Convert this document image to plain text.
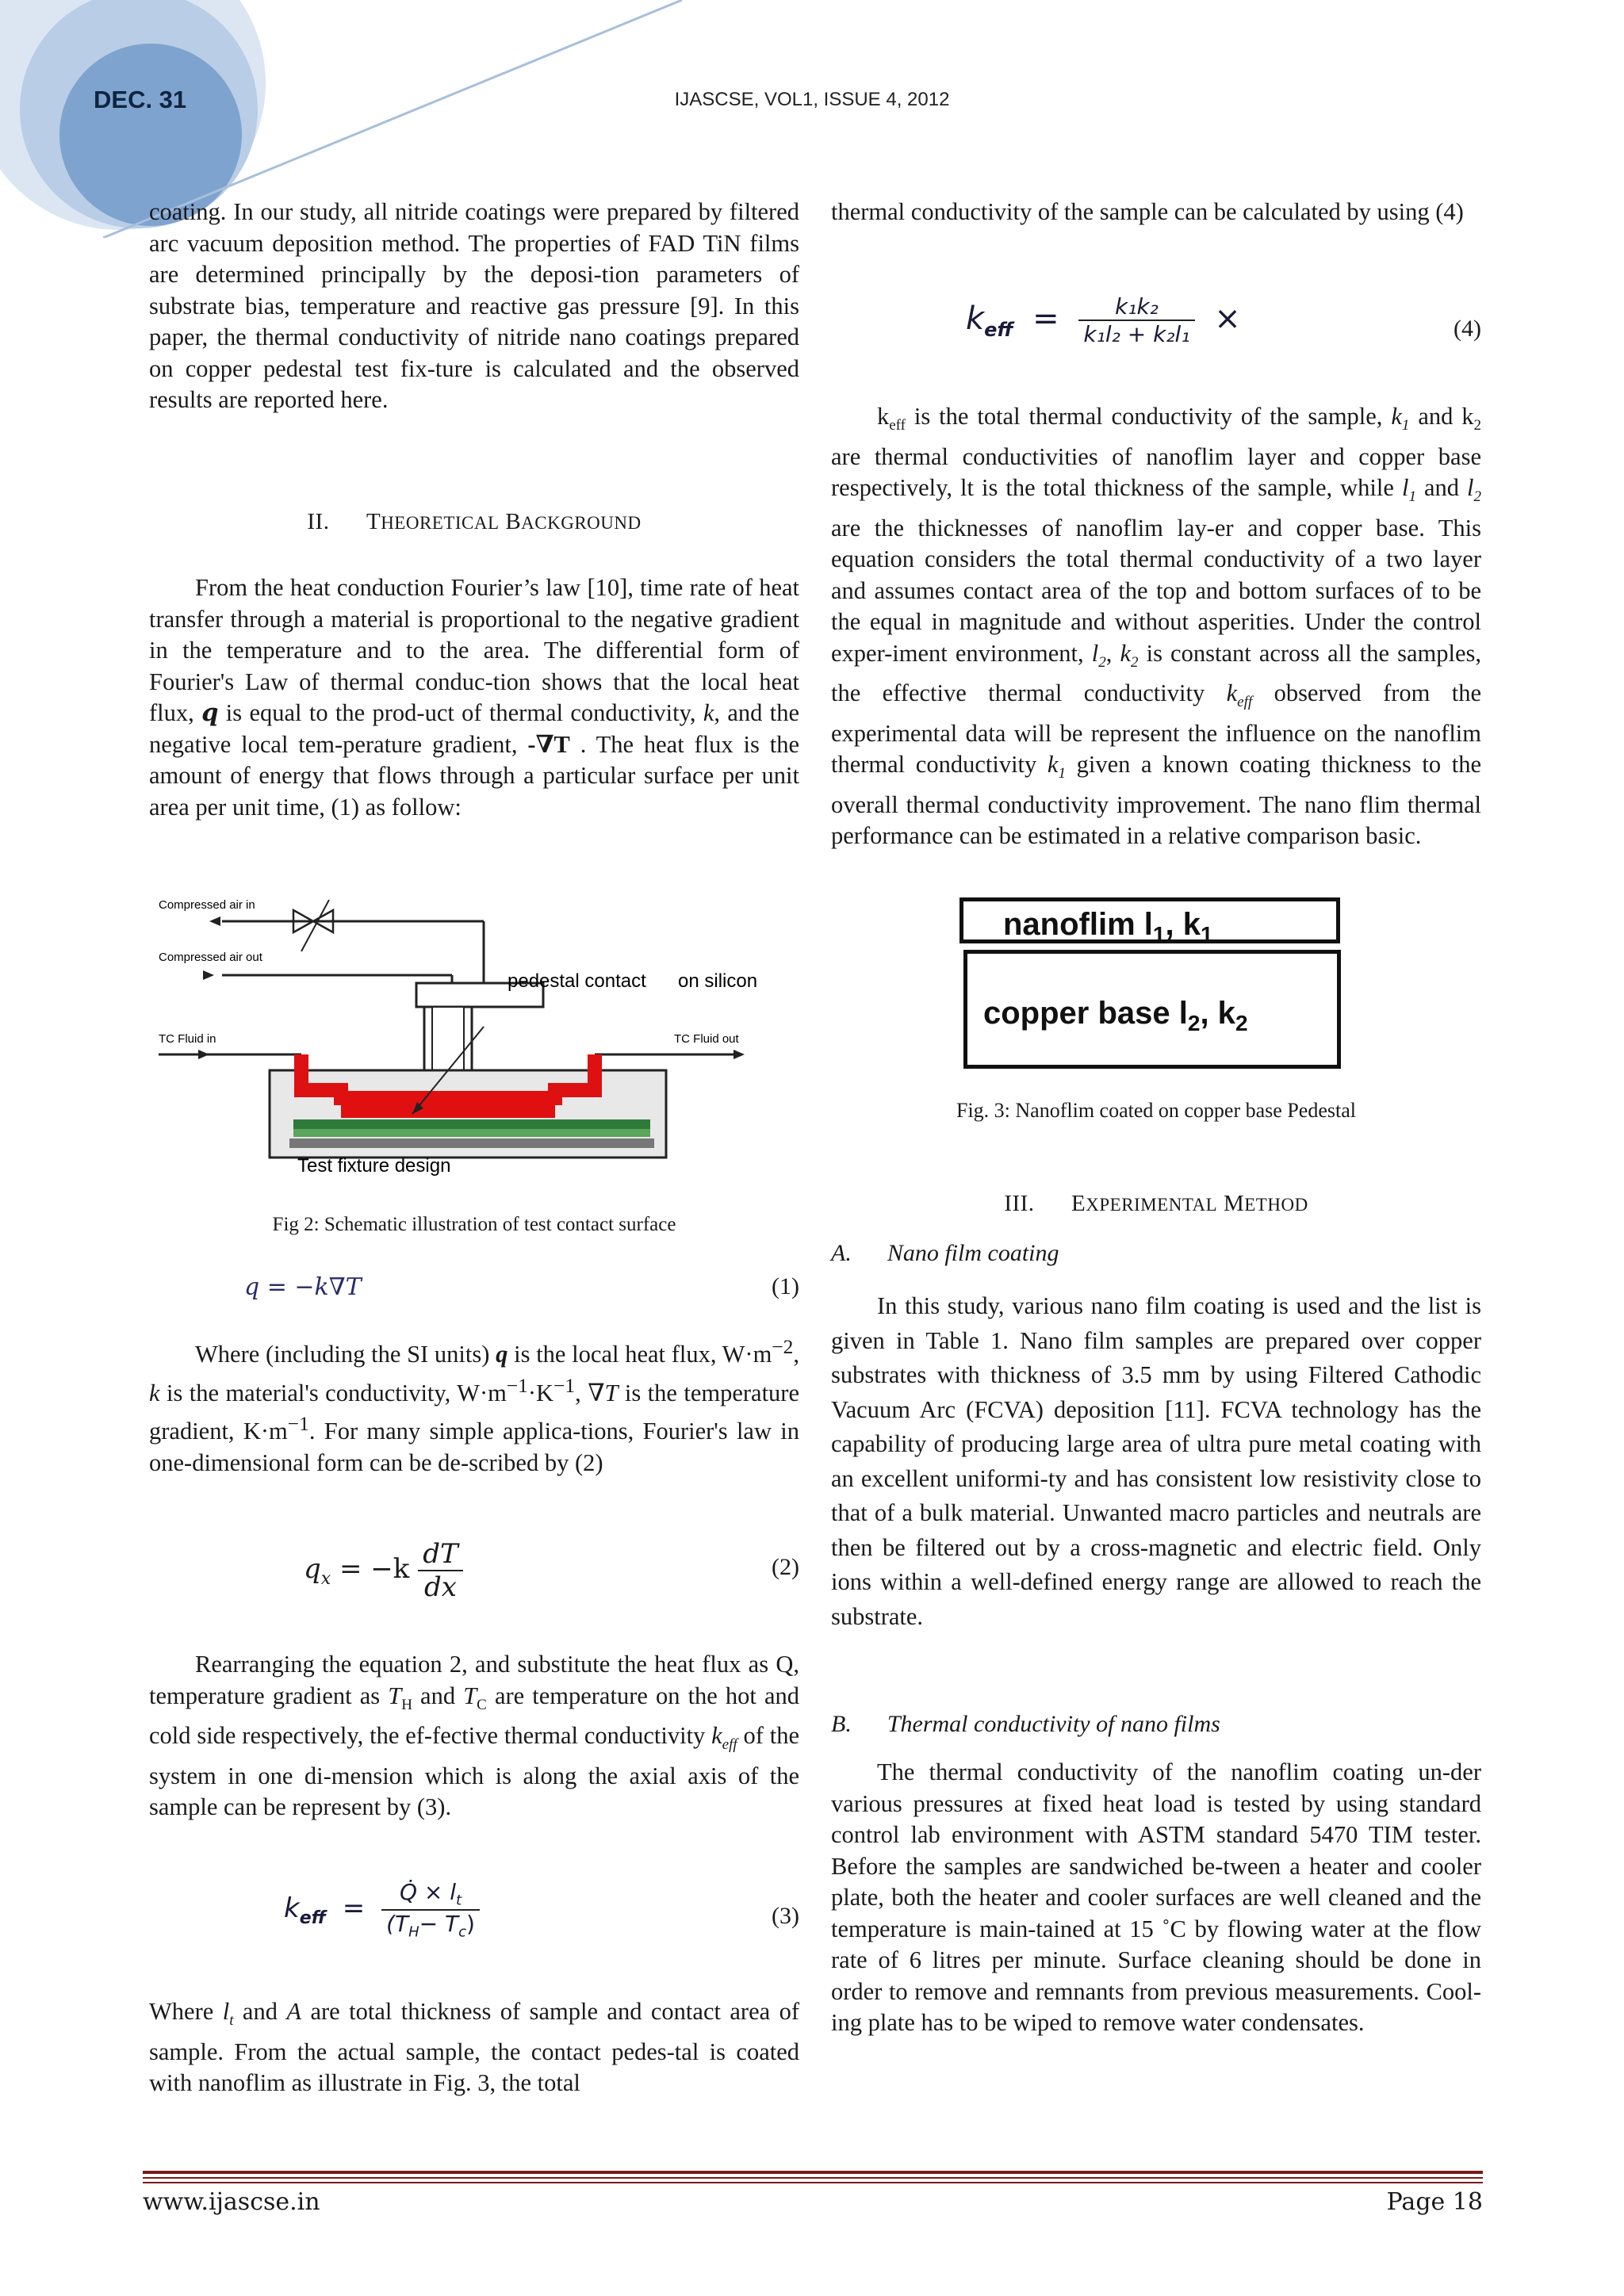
DEC. 31	IJASCSE, VOL1, ISSUE 4, 2012

coating. In our study, all nitride coatings were prepared by filtered arc vacuum deposition method. The properties of FAD TiN films are determined principally by the deposi-tion parameters of substrate bias, temperature and reactive gas pressure [9]. In this paper, the thermal conductivity of nitride nano coatings prepared on copper pedestal test fix-ture is calculated and the observed results are reported here.

II. THEORETICAL BACKGROUND

From the heat conduction Fourier’s law [10], time rate of heat transfer through a material is proportional to the negative gradient in the temperature and to the area. The differential form of Fourier's Law of thermal conduc-tion shows that the local heat flux, q is equal to the prod-uct of thermal conductivity, k, and the negative local tem-perature gradient, -∇T . The heat flux is the amount of energy that flows through a particular surface per unit area per unit time, (1) as follow:

Compressed air in
Compressed air out
TC Fluid in	TC Fluid out
pedestal contact on silicon
Test fixture design
Fig 2: Schematic illustration of test contact surface
q = −k∇T	(1)

Where (including the SI units) q is the local heat flux, $W\cdot m^{-2}$, k is the material's conductivity, $W\cdot m^{-1}\cdot K^{-1}$, ∇T is the temperature gradient, $K\cdot m^{-1}$. For many simple applica-tions, Fourier's law in one-dimensional form can be de-scribed by (2)

$q_x = -k \frac{dT}{dx}$	(2)

Rearranging the equation 2, and substitute the heat flux as Q, temperature gradient as $T_H$ and $T_C$ are temperature on the hot and cold side respectively, the ef-fective thermal conductivity $k_{eff}$ of the system in one di-mension which is along the axial axis of the sample can be represent by (3).

$k_{eff} = \frac{Q̇ \times l_t}{(T_H- T_c)}$	(3)

Where $l_t$ and A are total thickness of sample and contact area of sample. From the actual sample, the contact pedes-tal is coated with nanoflim as illustrate in Fig. 3, the total

thermal conductivity of the sample can be calculated by using (4)

$k_{eff} = \frac{\text{k₁k₂}}{\text{k₁l₂ + k₂l₁}}$ ×	(4)

$k_{eff}$ is the total thermal conductivity of the sample, $k_1$ and $k_2$ are thermal conductivities of nanoflim layer and copper base respectively, lt is the total thickness of the sample, while $l_1$ and $l_2$ are the thicknesses of nanoflim lay-er and copper base. This equation considers the total thermal conductivity of a two layer and assumes contact area of the top and bottom surfaces of to be the equal in magnitude and without asperities. Under the control exper-iment environment, $l_2$, $k_2$ is constant across all the samples, the effective thermal conductivity $k_{eff}$ observed from the experimental data will be represent the influence on the nanoflim thermal conductivity $k_1$ given a known coating thickness to the overall thermal conductivity improvement. The nano flim thermal performance can be estimated in a relative comparison basic.

nanoflim $l_1$, $k_1$
copper base $l_2$, $k_2$
Fig. 3: Nanoflim coated on copper base Pedestal
III. EXPERIMENTAL METHOD
A. Nano film coating

In this study, various nano film coating is used and the list is given in Table 1. Nano film samples are prepared over copper substrates with thickness of 3.5 mm by using Filtered Cathodic Vacuum Arc (FCVA) deposition [11]. FCVA technology has the capability of producing large area of ultra pure metal coating with an excellent uniformi-ty and has consistent low resistivity close to that of a bulk material. Unwanted macro particles and neutrals are then be filtered out by a cross-magnetic and electric field. Only ions within a well-defined energy range are allowed to reach the substrate.

B. Thermal conductivity of nano films

The thermal conductivity of the nanoflim coating un-der various pressures at fixed heat load is tested by using standard control lab environment with ASTM standard 5470 TIM tester. Before the samples are sandwiched be-tween a heater and cooler plate, both the heater and cooler surfaces are well cleaned and the temperature is main-tained at 15 ˚C by flowing water at the flow rate of 6 litres per minute. Surface cleaning should be done in order to remove and remnants from previous measurements. Cool-ing plate has to be wiped to remove water condensates.

www.ijascse.in	Page 18
